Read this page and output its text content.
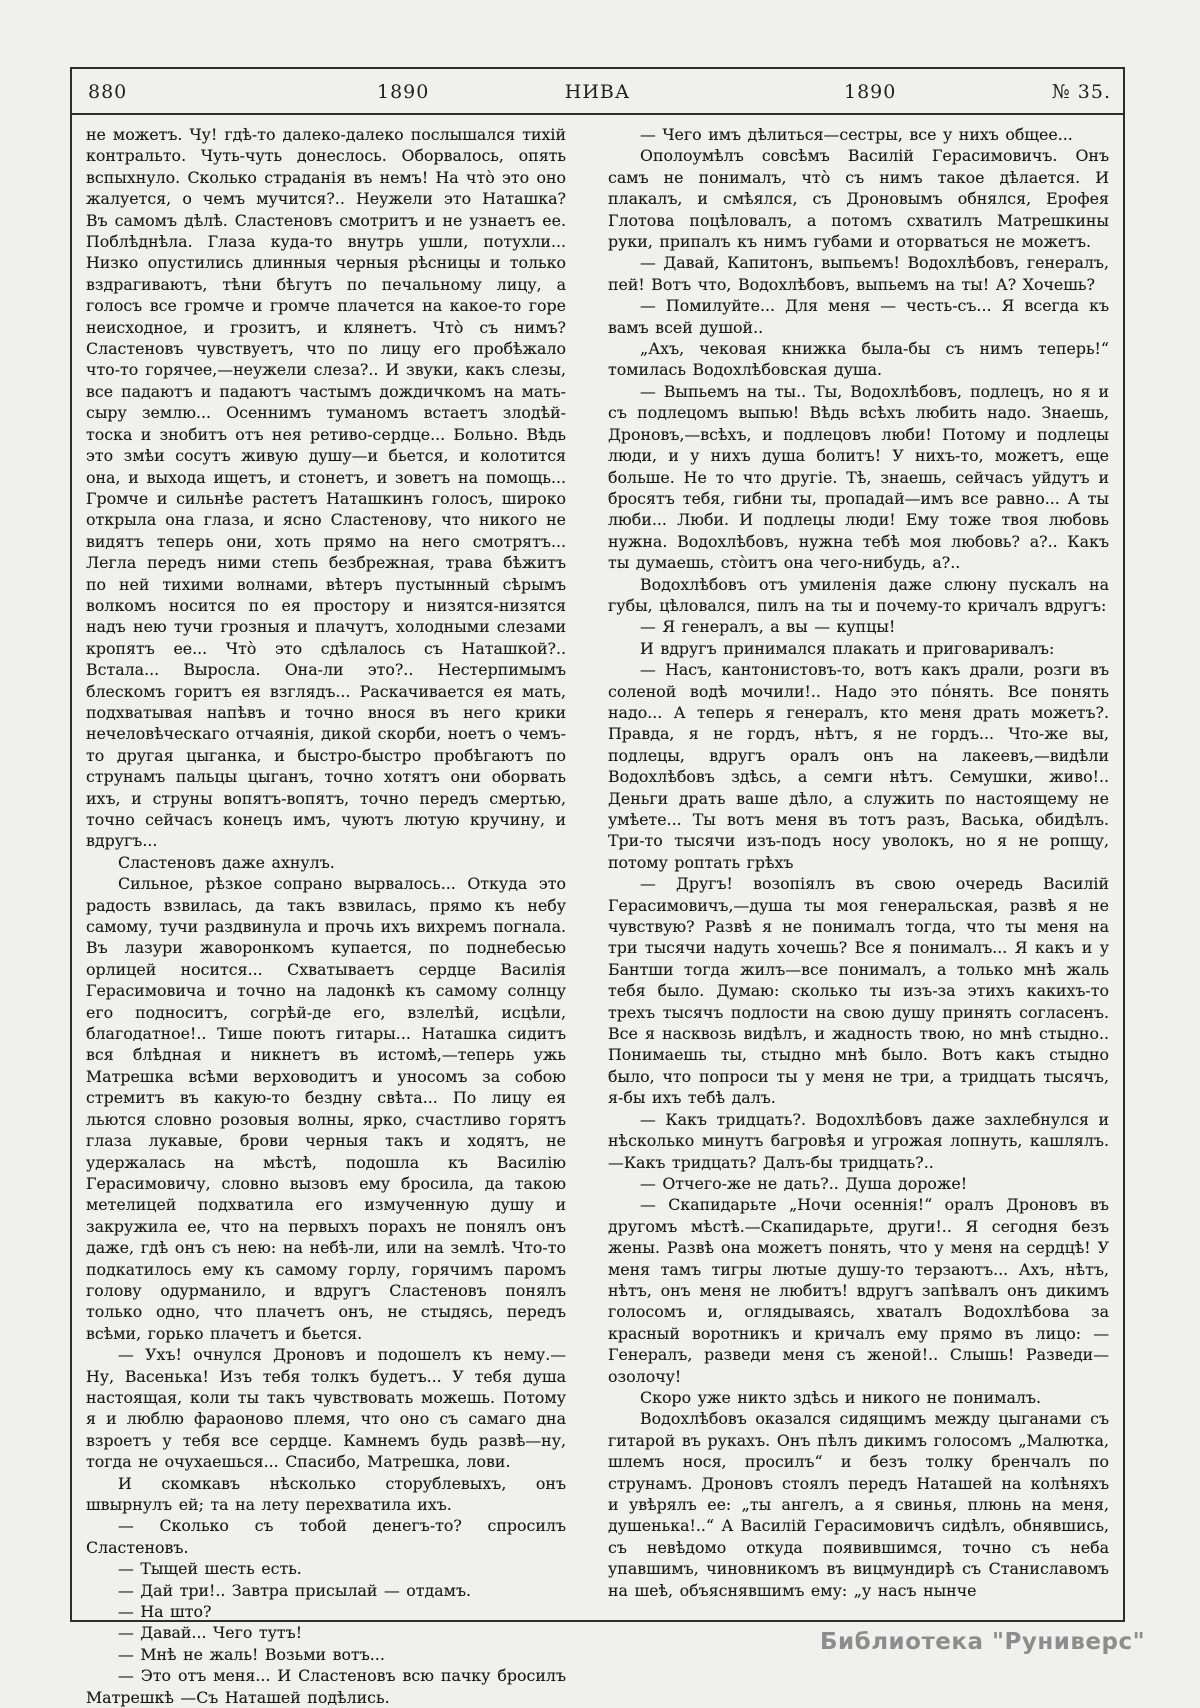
880	1890	НИВА	1890	№ 35.

не можетъ. Чу! гдѣ-то далеко-далеко послышался тихій контральто. Чуть-чуть донеслось. Оборвалось, опять вспыхнуло. Сколько страданія въ немъ! На что̀ это оно жалуется, о чемъ мучится?.. Неужели это Наташка? Въ самомъ дѣлѣ. Сластеновъ смотритъ и не узнаетъ ее. Поблѣднѣла. Глаза куда-то внутрь ушли, потухли... Низко опустились длинныя черныя рѣсницы и только вздрагиваютъ, тѣни бѣгутъ по печальному лицу, а голосъ все громче и громче плачется на какое-то горе неисходное, и грозитъ, и клянетъ. Что̀ съ нимъ? Сластеновъ чувствуетъ, что по лицу его пробѣжало что-то горячее,—неужели слеза?.. И звуки, какъ слезы, все падаютъ и падаютъ частымъ дождичкомъ на мать-сыру землю... Осеннимъ туманомъ встаетъ злодѣй-тоска и знобитъ отъ нея ретиво-сердце... Больно. Вѣдь это змѣи сосутъ живую душу—и бьется, и колотится она, и выхода ищетъ, и стонетъ, и зоветъ на помощь... Громче и сильнѣе растетъ Наташкинъ голосъ, широко открыла она глаза, и ясно Сластенову, что никого не видятъ теперь они, хоть прямо на него смотрятъ... Легла передъ ними степь безбрежная, трава бѣжитъ по ней тихими волнами, вѣтеръ пустынный сѣрымъ волкомъ носится по ея простору и низятся-низятся надъ нею тучи грозныя и плачутъ, холодными слезами кропятъ ее... Что̀ это сдѣлалось съ Наташкой?.. Встала... Выросла. Она-ли это?.. Нестерпимымъ блескомъ горитъ ея взглядъ... Раскачивается ея мать, подхватывая напѣвъ и точно внося въ него крики нечеловѣческаго отчаянія, дикой скорби, ноетъ о чемъ-то другая цыганка, и быстро-быстро пробѣгаютъ по струнамъ пальцы цыганъ, точно хотятъ они оборвать ихъ, и струны вопятъ-вопятъ, точно передъ смертью, точно сейчасъ конецъ имъ, чуютъ лютую кручину, и вдругъ...

Сластеновъ даже ахнулъ.

Сильное, рѣзкое сопрано вырвалось... Откуда это радость взвилась, да такъ взвилась, прямо къ небу самому, тучи раздвинула и прочь ихъ вихремъ погнала. Въ лазури жаворонкомъ купается, по поднебесью орлицей носится... Схватываетъ сердце Василія Герасимовича и точно на ладонкѣ къ самому солнцу его подноситъ, согрѣй-де его, взлелѣй, исцѣли, благодатное!.. Тише поютъ гитары... Наташка сидитъ вся блѣдная и никнетъ въ истомѣ,—теперь ужь Матрешка всѣми верховодитъ и уносомъ за собою стремитъ въ какую-то бездну свѣта... По лицу ея льются словно розовыя волны, ярко, счастливо горятъ глаза лукавые, брови черныя такъ и ходятъ, не удержалась на мѣстѣ, подошла къ Василію Герасимовичу, словно вызовъ ему бросила, да такою метелицей подхватила его измученную душу и закружила ее, что на первыхъ порахъ не понялъ онъ даже, гдѣ онъ съ нею: на небѣ-ли, или на землѣ. Что-то подкатилось ему къ самому горлу, горячимъ паромъ голову одурманило, и вдругъ Сластеновъ понялъ только одно, что плачетъ онъ, не стыдясь, передъ всѣми, горько плачетъ и бьется.

— Ухъ! очнулся Дроновъ и подошелъ къ нему.— Ну, Васенька! Изъ тебя толкъ будетъ... У тебя душа настоящая, коли ты такъ чувствовать можешь. Потому я и люблю фараоново племя, что оно съ самаго дна взроетъ у тебя все сердце. Камнемъ будь развѣ—ну, тогда не очухаешься... Спасибо, Матрешка, лови.

И скомкавъ нѣсколько сторублевыхъ, онъ швырнулъ ей; та на лету перехватила ихъ.

— Сколько съ тобой денегъ-то? спросилъ Сластеновъ.

— Тыщей шесть есть.

— Дай три!.. Завтра присылай — отдамъ.

— На што?

— Давай... Чего тутъ!

— Мнѣ не жаль! Возьми вотъ...

— Это отъ меня... И Сластеновъ всю пачку бросилъ Матрешкѣ —Съ Наташей подѣлись.

— Чего имъ дѣлиться—сестры, все у нихъ общее...

Ополоумѣлъ совсѣмъ Василій Герасимовичъ. Онъ самъ не понималъ, что̀ съ нимъ такое дѣлается. И плакалъ, и смѣялся, съ Дроновымъ обнялся, Ерофея Глотова поцѣловалъ, а потомъ схватилъ Матрешкины руки, припалъ къ нимъ губами и оторваться не можетъ.

— Давай, Капитонъ, выпьемъ! Водохлѣбовъ, генералъ, пей! Вотъ что, Водохлѣбовъ, выпьемъ на ты! А? Хочешь?

— Помилуйте... Для меня — честь-съ... Я всегда къ вамъ всей душой..

„Ахъ, чековая книжка была-бы съ нимъ теперь!“ томилась Водохлѣбовская душа.

— Выпьемъ на ты.. Ты, Водохлѣбовъ, подлецъ, но я и съ подлецомъ выпью! Вѣдь всѣхъ любить надо. Знаешь, Дроновъ,—всѣхъ, и подлецовъ люби! Потому и подлецы люди, и у нихъ душа болитъ! У нихъ-то, можетъ, еще больше. Не то что другіе. Тѣ, знаешь, сейчасъ уйдутъ и бросятъ тебя, гибни ты, пропадай—имъ все равно... А ты люби... Люби. И подлецы люди! Ему тоже твоя любовь нужна. Водохлѣбовъ, нужна тебѣ моя любовь? а?.. Какъ ты думаешь, сто̀итъ она чего-нибудь, а?..

Водохлѣбовъ отъ умиленія даже слюну пускалъ на губы, цѣловался, пилъ на ты и почему-то кричалъ вдругъ:

— Я генералъ, а вы — купцы!

И вдругъ принимался плакать и приговаривалъ:

— Насъ, кантонистовъ-то, вотъ какъ драли, розги въ соленой водѣ мочили!.. Надо это по́нять. Все понять надо... А теперь я генералъ, кто меня драть можетъ?. Правда, я не гордъ, нѣтъ, я не гордъ... Что-же вы, подлецы, вдругъ оралъ онъ на лакеевъ,—видѣли Водохлѣбовъ здѣсь, а семги нѣтъ. Семушки, живо!.. Деньги драть ваше дѣло, а служить по настоящему не умѣете... Ты вотъ меня въ тотъ разъ, Васька, обидѣлъ. Три-то тысячи изъ-подъ носу уволокъ, но я не ропщу, потому роптать грѣхъ

— Другъ! возопіялъ въ свою очередь Василій Герасимовичъ,—душа ты моя генеральская, развѣ я не чувствую? Развѣ я не понималъ тогда, что ты меня на три тысячи надуть хочешь? Все я понималъ... Я какъ и у Бантши тогда жилъ—все понималъ, а только мнѣ жаль тебя было. Думаю: сколько ты изъ-за этихъ какихъ-то трехъ тысячъ подлости на свою душу принять согласенъ. Все я насквозь видѣлъ, и жадность твою, но мнѣ стыдно.. Понимаешь ты, стыдно мнѣ было. Вотъ какъ стыдно было, что попроси ты у меня не три, а тридцать тысячъ, я-бы ихъ тебѣ далъ.

— Какъ тридцать?. Водохлѣбовъ даже захлебнулся и нѣсколько минутъ багровѣя и угрожая лопнуть, кашлялъ.—Какъ тридцать? Далъ-бы тридцать?..

— Отчего-же не дать?.. Душа дороже!

— Скапидарьте „Ночи осеннія!“ оралъ Дроновъ въ другомъ мѣстѣ.—Скапидарьте, други!.. Я сегодня безъ жены. Развѣ она можетъ понять, что у меня на сердцѣ! У меня тамъ тигры лютые душу-то терзаютъ... Ахъ, нѣтъ, нѣтъ, онъ меня не любитъ! вдругъ запѣвалъ онъ дикимъ голосомъ и, оглядываясь, хваталъ Водохлѣбова за красный воротникъ и кричалъ ему прямо въ лицо: — Генералъ, разведи меня съ женой!.. Слышь! Разведи—озолочу!

Скоро уже никто здѣсь и никого не понималъ.

Водохлѣбовъ оказался сидящимъ между цыганами съ гитарой въ рукахъ. Онъ пѣлъ дикимъ голосомъ „Малютка, шлемъ нося, просилъ“ и безъ толку бренчалъ по струнамъ. Дроновъ стоялъ передъ Наташей на колѣняхъ и увѣрялъ ее: „ты ангелъ, а я свинья, плюнь на меня, душенька!..“ А Василій Герасимовичъ сидѣлъ, обнявшись, съ невѣдомо откуда появившимся, точно съ неба упавшимъ, чиновникомъ въ вицмундирѣ съ Станиславомъ на шеѣ, объяснявшимъ ему: „у насъ нынче

Библиотека "Руниверс"
